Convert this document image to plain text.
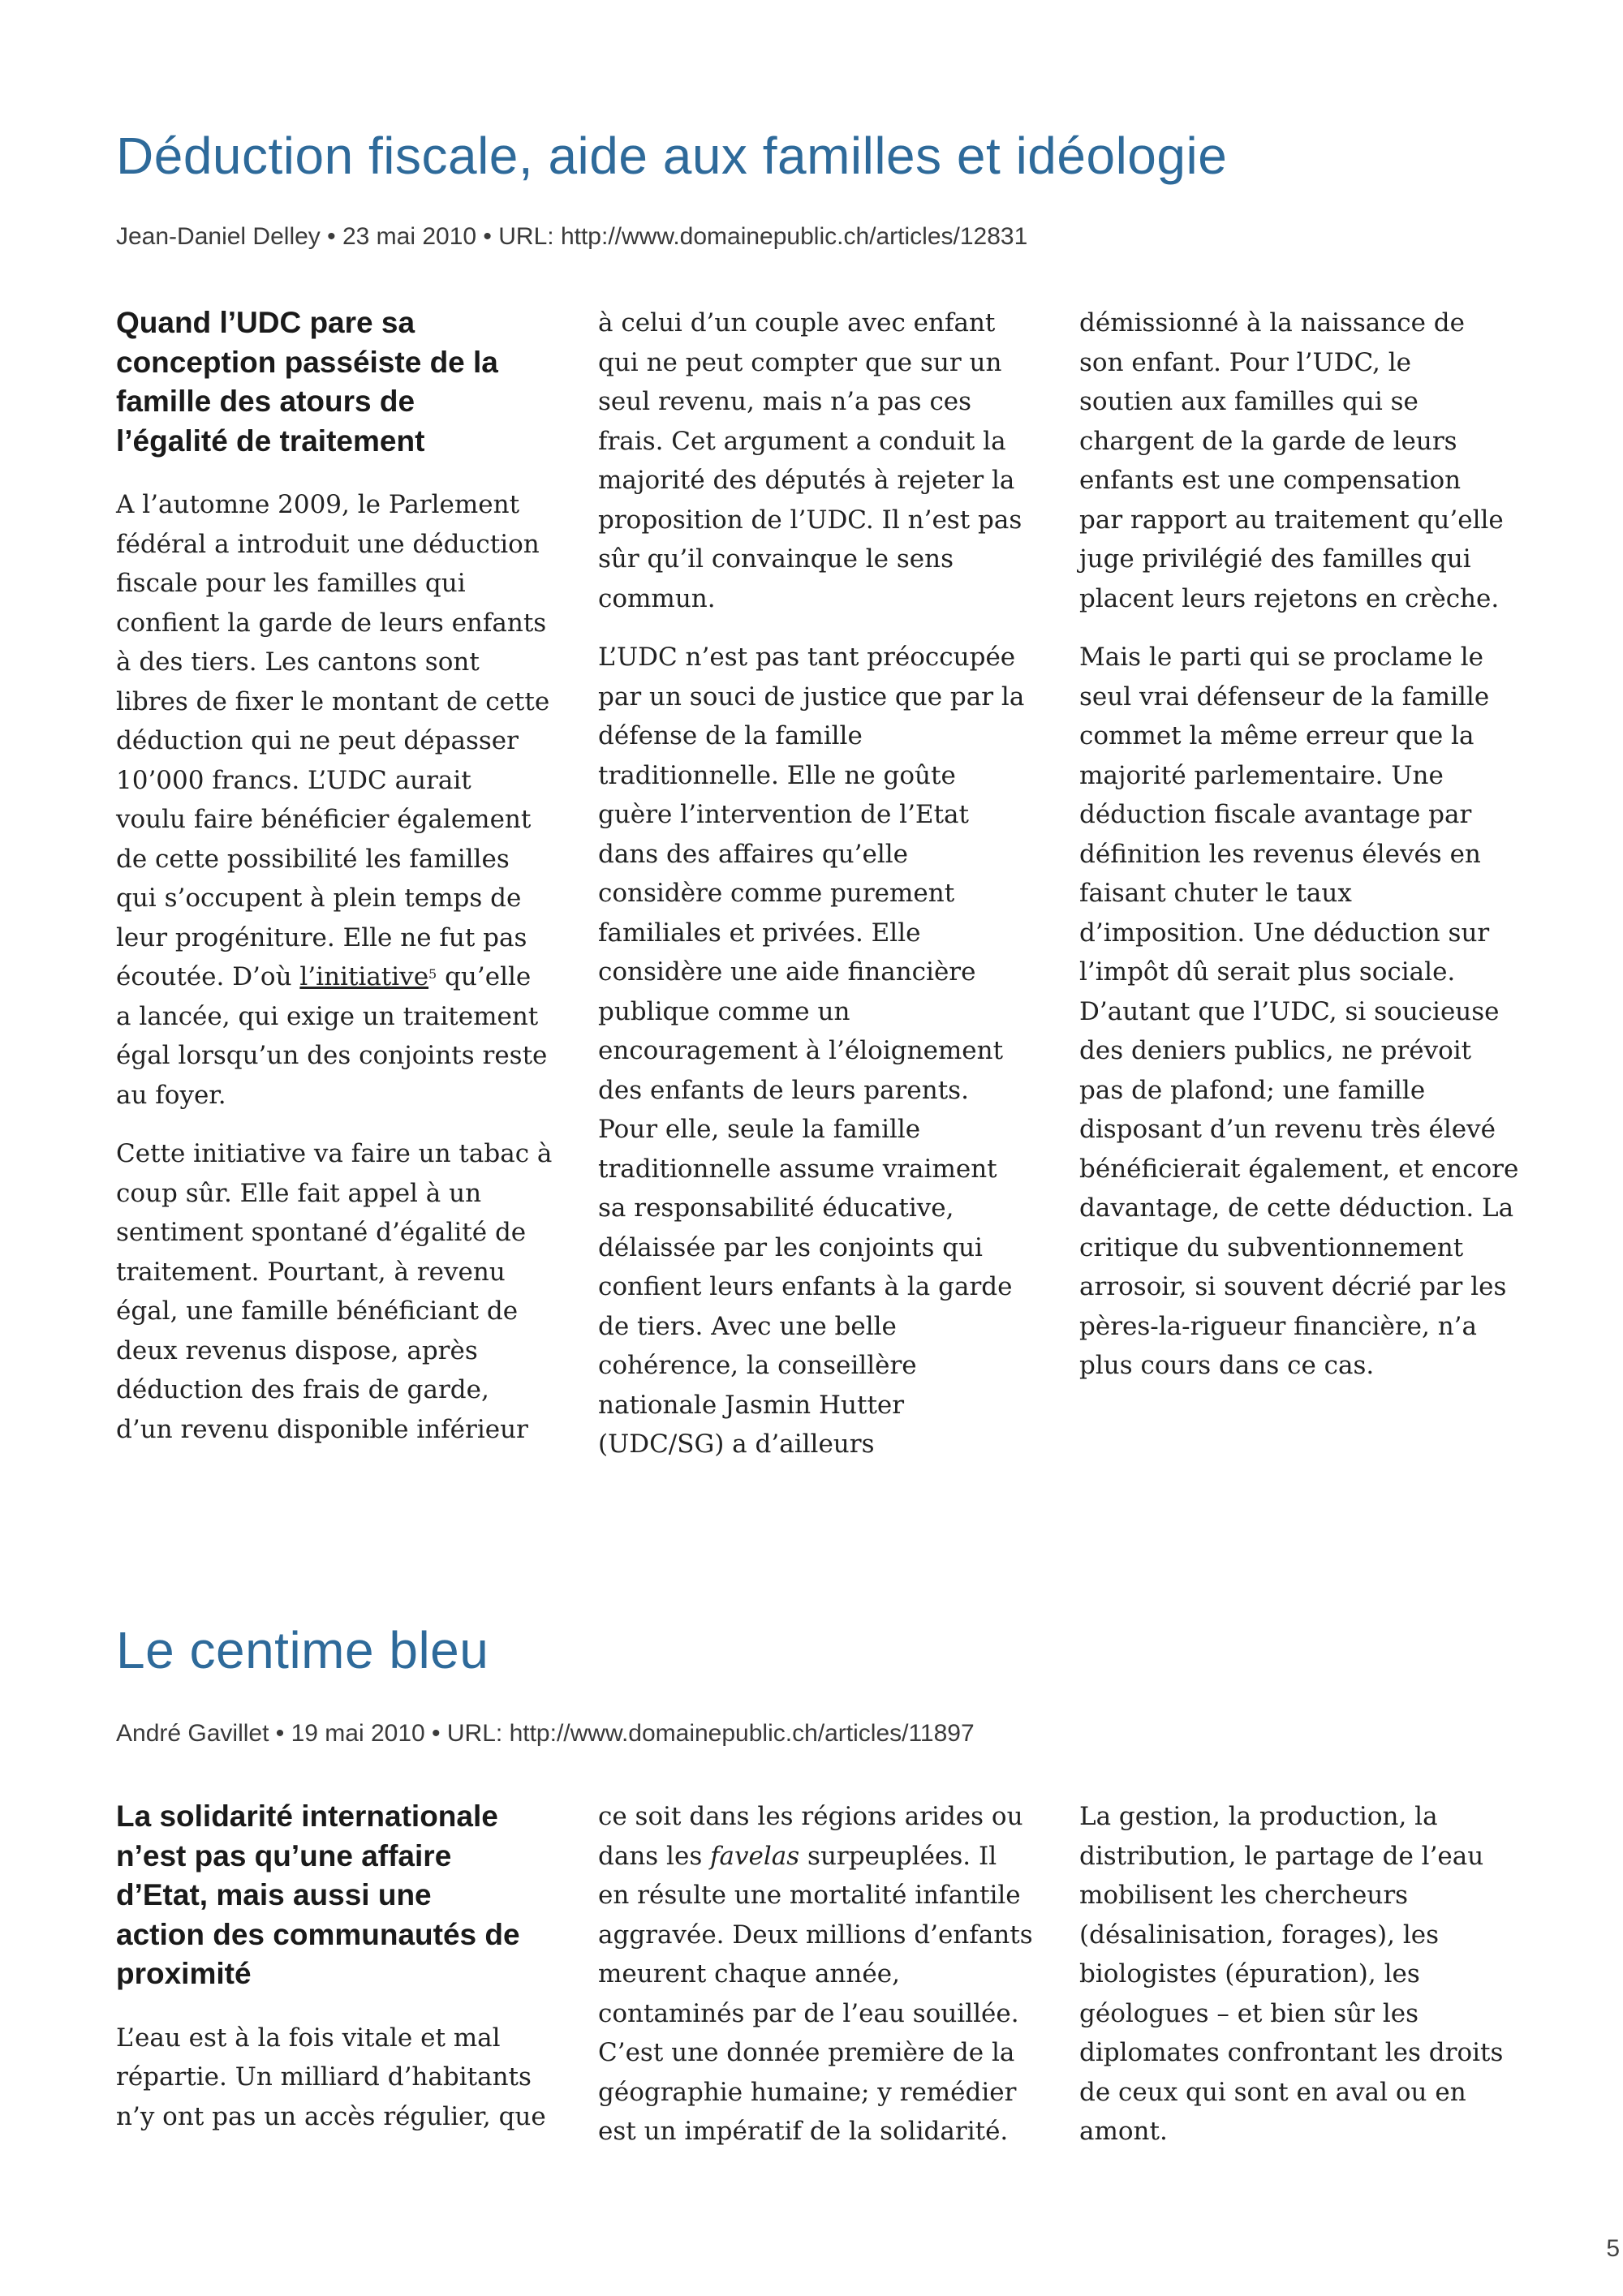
Déduction fiscale, aide aux familles et idéologie

Jean-Daniel Delley • 23 mai 2010 • URL: http://www.domainepublic.ch/articles/12831

Quand l’UDC pare sa
conception passéiste de la
famille des atours de
l’égalité de traitement

A l’automne 2009, le Parlement
fédéral a introduit une déduction
fiscale pour les familles qui
confient la garde de leurs enfants
à des tiers. Les cantons sont
libres de fixer le montant de cette
déduction qui ne peut dépasser
10’000 francs. L’UDC aurait
voulu faire bénéficier également
de cette possibilité les familles
qui s’occupent à plein temps de
leur progéniture. Elle ne fut pas
écoutée. D’où l’initiative$^5$ qu’elle
a lancée, qui exige un traitement
égal lorsqu’un des conjoints reste
au foyer.

Cette initiative va faire un tabac à
coup sûr. Elle fait appel à un
sentiment spontané d’égalité de
traitement. Pourtant, à revenu
égal, une famille bénéficiant de
deux revenus dispose, après
déduction des frais de garde,
d’un revenu disponible inférieur

à celui d’un couple avec enfant
qui ne peut compter que sur un
seul revenu, mais n’a pas ces
frais. Cet argument a conduit la
majorité des députés à rejeter la
proposition de l’UDC. Il n’est pas
sûr qu’il convainque le sens
commun.

L’UDC n’est pas tant préoccupée
par un souci de justice que par la
défense de la famille
traditionnelle. Elle ne goûte
guère l’intervention de l’Etat
dans des affaires qu’elle
considère comme purement
familiales et privées. Elle
considère une aide financière
publique comme un
encouragement à l’éloignement
des enfants de leurs parents.
Pour elle, seule la famille
traditionnelle assume vraiment
sa responsabilité éducative,
délaissée par les conjoints qui
confient leurs enfants à la garde
de tiers. Avec une belle
cohérence, la conseillère
nationale Jasmin Hutter
(UDC/SG) a d’ailleurs

démissionné à la naissance de
son enfant. Pour l’UDC, le
soutien aux familles qui se
chargent de la garde de leurs
enfants est une compensation
par rapport au traitement qu’elle
juge privilégié des familles qui
placent leurs rejetons en crèche.

Mais le parti qui se proclame le
seul vrai défenseur de la famille
commet la même erreur que la
majorité parlementaire. Une
déduction fiscale avantage par
définition les revenus élevés en
faisant chuter le taux
d’imposition. Une déduction sur
l’impôt dû serait plus sociale.
D’autant que l’UDC, si soucieuse
des deniers publics, ne prévoit
pas de plafond; une famille
disposant d’un revenu très élevé
bénéficierait également, et encore
davantage, de cette déduction. La
critique du subventionnement
arrosoir, si souvent décrié par les
pères-la-rigueur financière, n’a
plus cours dans ce cas.

Le centime bleu

André Gavillet • 19 mai 2010 • URL: http://www.domainepublic.ch/articles/11897

La solidarité internationale
n’est pas qu’une affaire
d’Etat, mais aussi une
action des communautés de
proximité

L’eau est à la fois vitale et mal
répartie. Un milliard d’habitants
n’y ont pas un accès régulier, que

ce soit dans les régions arides ou
dans les favelas surpeuplées. Il
en résulte une mortalité infantile
aggravée. Deux millions d’enfants
meurent chaque année,
contaminés par de l’eau souillée.
C’est une donnée première de la
géographie humaine; y remédier
est un impératif de la solidarité.

La gestion, la production, la
distribution, le partage de l’eau
mobilisent les chercheurs
(désalinisation, forages), les
biologistes (épuration), les
géologues – et bien sûr les
diplomates confrontant les droits
de ceux qui sont en aval ou en
amont.

5
